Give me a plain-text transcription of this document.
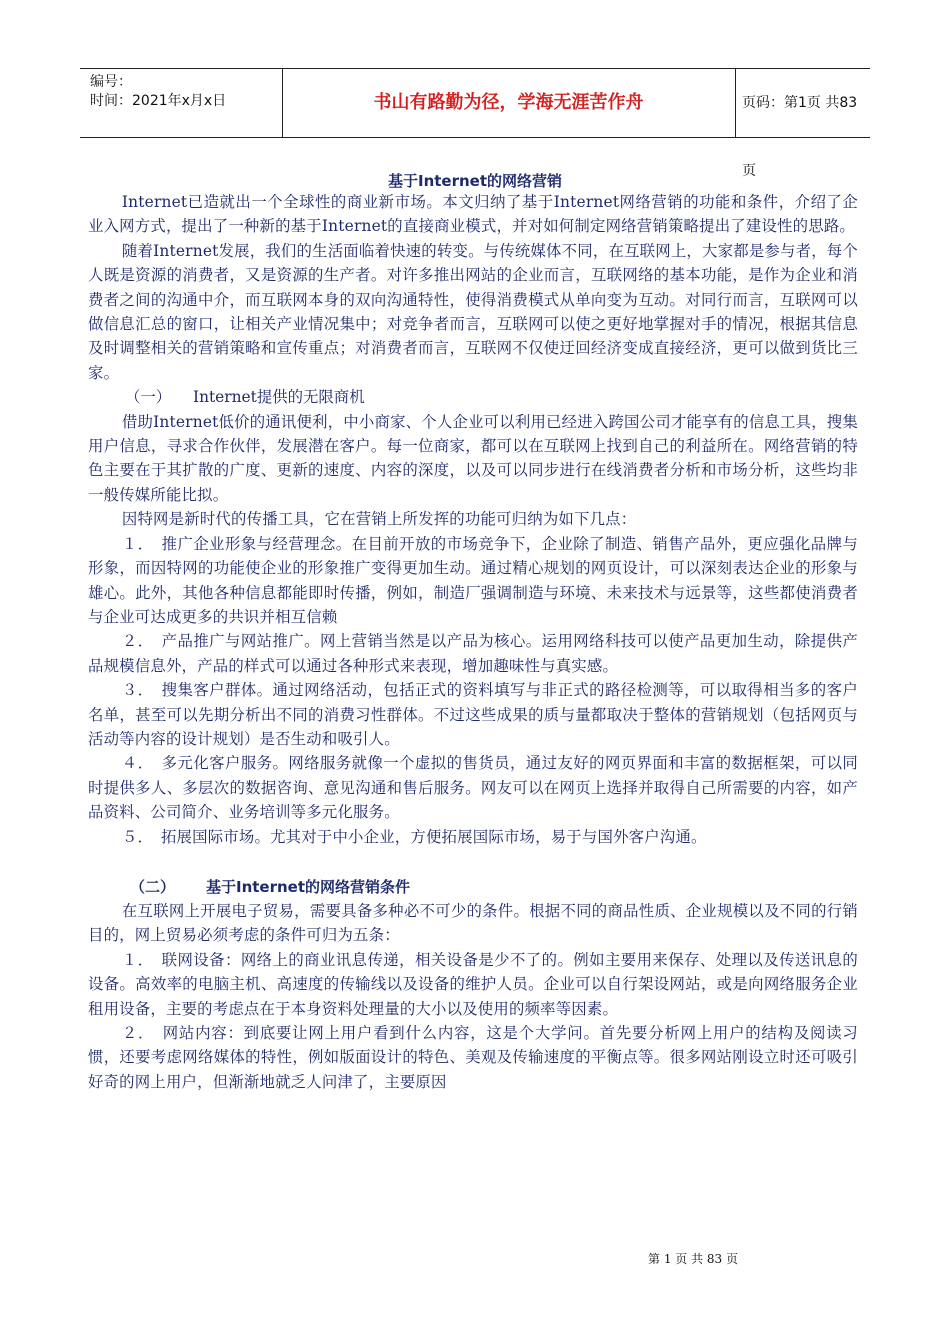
编号：
时间：2021年x月x日	书山有路勤为径，学海无涯苦作舟	页码：第1页 共83页
基于Internet的网络营销

Internet已造就出一个全球性的商业新市场。本文归纳了基于Internet网络营销的功能和条件，介绍了企业入网方式，提出了一种新的基于Internet的直接商业模式，并对如何制定网络营销策略提出了建设性的思路。

随着Internet发展，我们的生活面临着快速的转变。与传统媒体不同，在互联网上，大家都是参与者，每个人既是资源的消费者，又是资源的生产者。对许多推出网站的企业而言，互联网络的基本功能，是作为企业和消费者之间的沟通中介，而互联网本身的双向沟通特性，使得消费模式从单向变为互动。对同行而言，互联网可以做信息汇总的窗口，让相关产业情况集中；对竞争者而言，互联网可以使之更好地掌握对手的情况，根据其信息及时调整相关的营销策略和宣传重点；对消费者而言，互联网不仅使迂回经济变成直接经济，更可以做到货比三家。

（一） Internet提供的无限商机

借助Internet低价的通讯便利，中小商家、个人企业可以利用已经进入跨国公司才能享有的信息工具，搜集用户信息，寻求合作伙伴，发展潜在客户。每一位商家，都可以在互联网上找到自己的利益所在。网络营销的特色主要在于其扩散的广度、更新的速度、内容的深度，以及可以同步进行在线消费者分析和市场分析，这些均非一般传媒所能比拟。

因特网是新时代的传播工具，它在营销上所发挥的功能可归纳为如下几点：

１．　推广企业形象与经营理念。在目前开放的市场竞争下，企业除了制造、销售产品外，更应强化品牌与形象，而因特网的功能使企业的形象推广变得更加生动。通过精心规划的网页设计，可以深刻表达企业的形象与雄心。此外，其他各种信息都能即时传播，例如，制造厂强调制造与环境、未来技术与远景等，这些都使消费者与企业可达成更多的共识并相互信赖

２．　产品推广与网站推广。网上营销当然是以产品为核心。运用网络科技可以使产品更加生动，除提供产品规模信息外，产品的样式可以通过各种形式来表现，增加趣味性与真实感。

３．　搜集客户群体。通过网络活动，包括正式的资料填写与非正式的路径检测等，可以取得相当多的客户名单，甚至可以先期分析出不同的消费习性群体。不过这些成果的质与量都取决于整体的营销规划（包括网页与活动等内容的设计规划）是否生动和吸引人。

４．　多元化客户服务。网络服务就像一个虚拟的售货员，通过友好的网页界面和丰富的数据框架，可以同时提供多人、多层次的数据咨询、意见沟通和售后服务。网友可以在网页上选择并取得自己所需要的内容，如产品资料、公司简介、业务培训等多元化服务。

５．　拓展国际市场。尤其对于中小企业，方便拓展国际市场，易于与国外客户沟通。

（二） 基于Internet的网络营销条件

在互联网上开展电子贸易，需要具备多种必不可少的条件。根据不同的商品性质、企业规模以及不同的行销目的，网上贸易必须考虑的条件可归为五条：

１．　联网设备：网络上的商业讯息传递，相关设备是少不了的。例如主要用来保存、处理以及传送讯息的设备。高效率的电脑主机、高速度的传输线以及设备的维护人员。企业可以自行架设网站，或是向网络服务企业租用设备，主要的考虑点在于本身资料处理量的大小以及使用的频率等因素。

２．　网站内容：到底要让网上用户看到什么内容，这是个大学问。首先要分析网上用户的结构及阅读习惯，还要考虑网络媒体的特性，例如版面设计的特色、美观及传输速度的平衡点等。很多网站刚设立时还可吸引好奇的网上用户，但渐渐地就乏人问津了，主要原因

第 1 页 共 83 页
